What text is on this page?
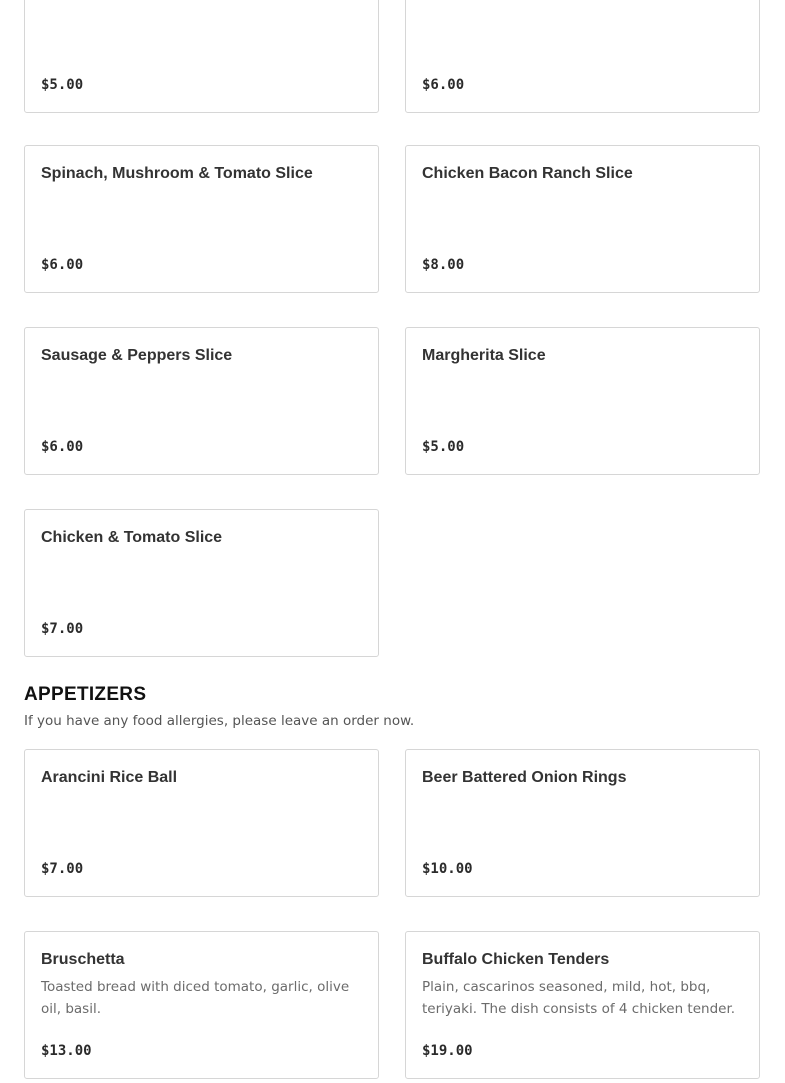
$5.00	$6.00
Spinach, Mushroom & Tomato Slice
$6.00
Chicken Bacon Ranch Slice
$8.00
Sausage & Peppers Slice
$6.00
Margherita Slice
$5.00
Chicken & Tomato Slice
$7.00
APPETIZERS
If you have any food allergies, please leave an order now.
Arancini Rice Ball
$7.00
Beer Battered Onion Rings
$10.00
Bruschetta
Toasted bread with diced tomato, garlic, olive oil, basil.
$13.00
Buffalo Chicken Tenders
Plain, cascarinos seasoned, mild, hot, bbq, teriyaki. The dish consists of 4 chicken tender.
$19.00
